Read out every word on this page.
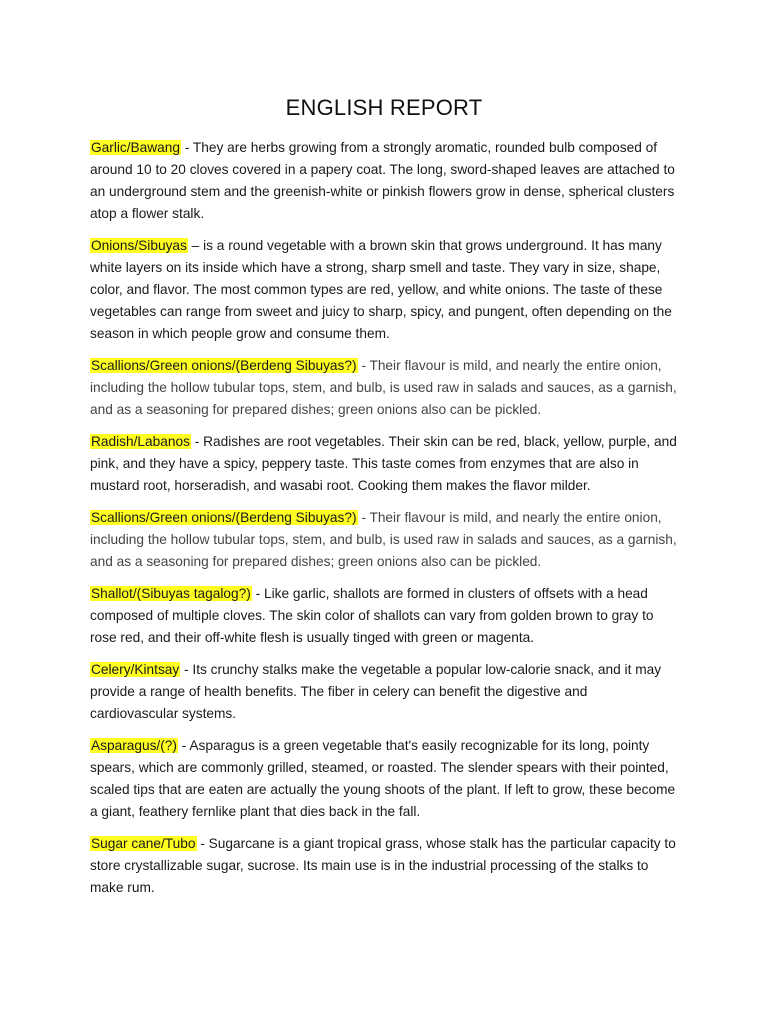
ENGLISH REPORT

Garlic/Bawang - They are herbs growing from a strongly aromatic, rounded bulb composed of around 10 to 20 cloves covered in a papery coat. The long, sword-shaped leaves are attached to an underground stem and the greenish-white or pinkish flowers grow in dense, spherical clusters atop a flower stalk.

Onions/Sibuyas – is a round vegetable with a brown skin that grows underground. It has many white layers on its inside which have a strong, sharp smell and taste. They vary in size, shape, color, and flavor. The most common types are red, yellow, and white onions. The taste of these vegetables can range from sweet and juicy to sharp, spicy, and pungent, often depending on the season in which people grow and consume them.

Scallions/Green onions/(Berdeng Sibuyas?) - Their flavour is mild, and nearly the entire onion, including the hollow tubular tops, stem, and bulb, is used raw in salads and sauces, as a garnish, and as a seasoning for prepared dishes; green onions also can be pickled.

Radish/Labanos - Radishes are root vegetables. Their skin can be red, black, yellow, purple, and pink, and they have a spicy, peppery taste. This taste comes from enzymes that are also in mustard root, horseradish, and wasabi root. Cooking them makes the flavor milder.

Scallions/Green onions/(Berdeng Sibuyas?) - Their flavour is mild, and nearly the entire onion, including the hollow tubular tops, stem, and bulb, is used raw in salads and sauces, as a garnish, and as a seasoning for prepared dishes; green onions also can be pickled.

Shallot/(Sibuyas tagalog?) - Like garlic, shallots are formed in clusters of offsets with a head composed of multiple cloves. The skin color of shallots can vary from golden brown to gray to rose red, and their off-white flesh is usually tinged with green or magenta.

Celery/Kintsay - Its crunchy stalks make the vegetable a popular low-calorie snack, and it may provide a range of health benefits. The fiber in celery can benefit the digestive and cardiovascular systems.

Asparagus/(?) - Asparagus is a green vegetable that's easily recognizable for its long, pointy spears, which are commonly grilled, steamed, or roasted. The slender spears with their pointed, scaled tips that are eaten are actually the young shoots of the plant. If left to grow, these become a giant, feathery fernlike plant that dies back in the fall.

Sugar cane/Tubo - Sugarcane is a giant tropical grass, whose stalk has the particular capacity to store crystallizable sugar, sucrose. Its main use is in the industrial processing of the stalks to make rum.
